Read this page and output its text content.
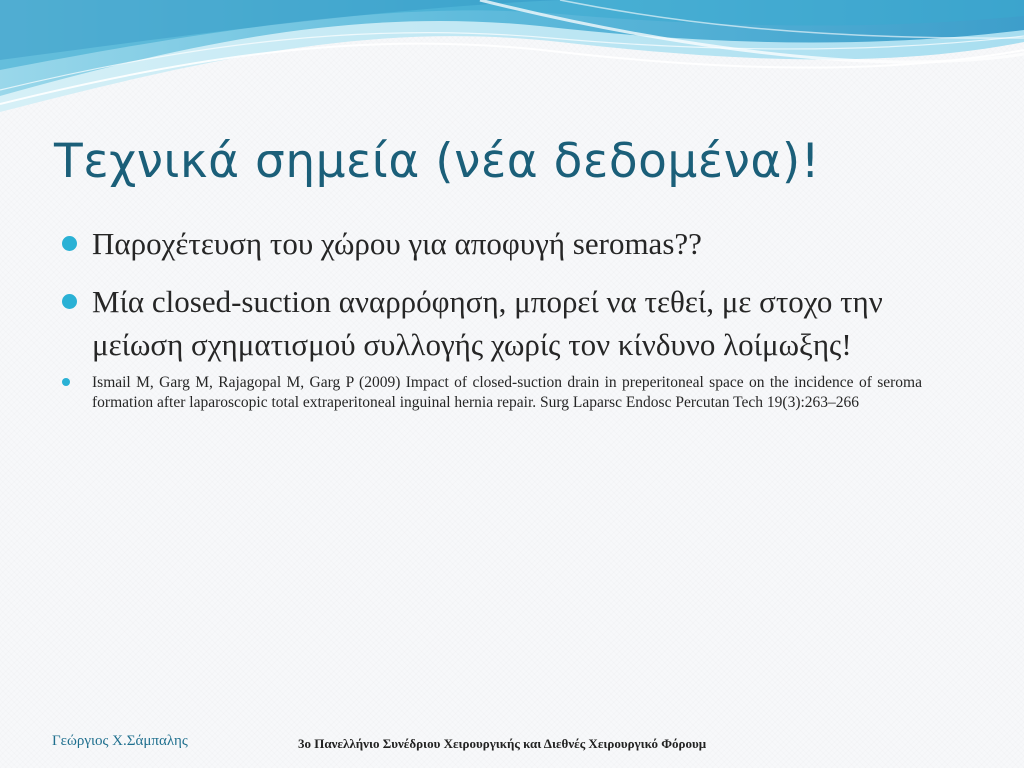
Τεχνικά σημεία (νέα δεδομένα)!
Παροχέτευση του χώρου για αποφυγή seromas??
Μία closed-suction αναρρόφηση, μπορεί να τεθεί, με στοχο την μείωση σχηματισμού συλλογής χωρίς τον κίνδυνο λοίμωξης!
Ismail M, Garg M, Rajagopal M, Garg P (2009) Impact of closed-suction drain in preperitoneal space on the incidence of seroma formation after laparoscopic total extraperitoneal inguinal hernia repair. Surg Laparsc Endosc Percutan Tech 19(3):263–266
Γεώργιος Χ.Σάμπαλης	3ο Πανελλήνιο Συνέδριου Χειρουργικής και Διεθνές Χειρουργικό Φόρουμ
